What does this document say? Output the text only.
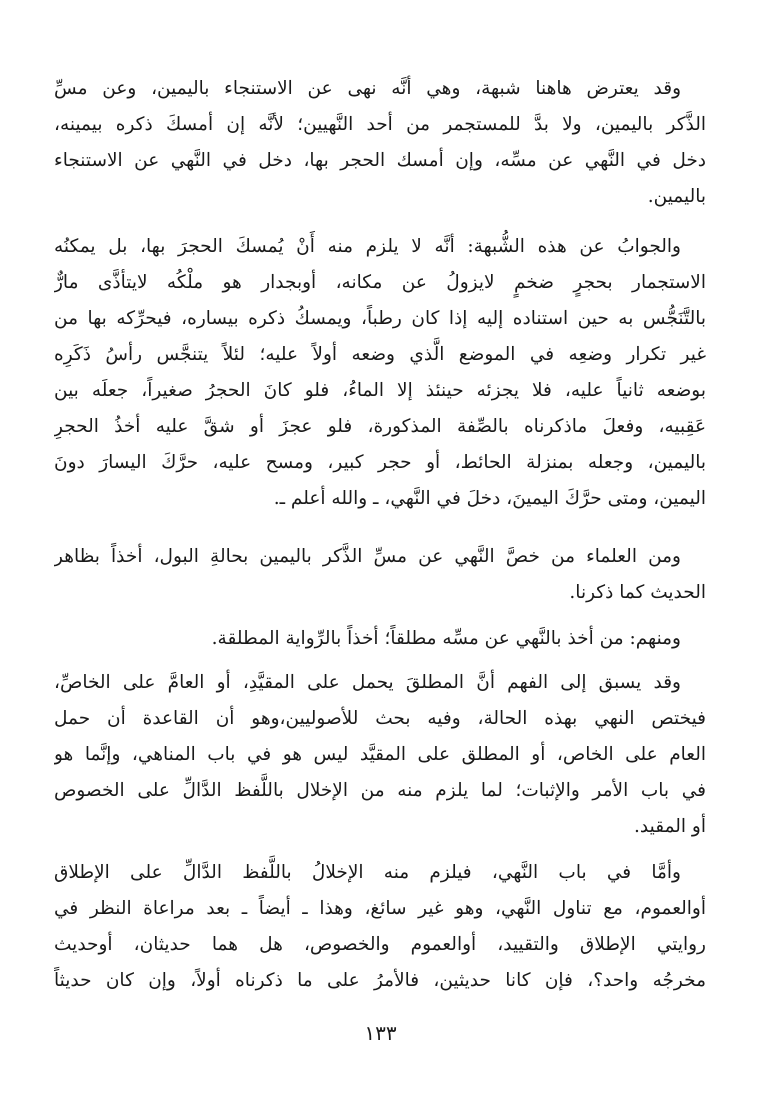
وقد يعترض هاهنا شبهة، وهي أنَّه نهى عن الاستنجاء باليمين، وعن مسِّ
الذَّكر باليمين، ولا بدَّ للمستجمر من أحد النَّهيين؛ لأنَّه إن أمسكَ ذكره بيمينه،
دخل في النَّهي عن مسِّه، وإن أمسك الحجر بها، دخل في النَّهي عن الاستنجاء
باليمين.
والجوابُ عن هذه الشُّبهة: أنَّه لا يلزم منه أَنْ يُمسكَ الحجرَ بها، بل يمكنُه
الاستجمار بحجرٍ ضخمٍ لايزولُ عن مكانه، أوبجدار هو ملْكُه لايتأذَّى مارٌّ
بالتَّنَجُّس به حين استناده إليه إذا كان رطباً، ويمسكُ ذكره بيساره، فيحرِّكه بها من
غير تكرار وضعِه في الموضع الَّذي وضعه أولاً عليه؛ لئلاً يتنجَّس رأسُ ذَكَرِه
بوضعه ثانياً عليه، فلا يجزئه حينئذ إلا الماءُ، فلو كانَ الحجرُ صغيراً، جعلَه بين
عَقِبيه، وفعلَ ماذكرناه بالصِّفة المذكورة، فلو عجزَ أو شقَّ عليه أخذُ الحجرِ
باليمين، وجعله بمنزلة الحائط، أو حجر كبير، ومسح عليه، حرَّكَ اليسارَ دونَ
اليمين، ومتى حرَّكَ اليمينَ، دخلَ في النَّهي، ـ والله أعلم ـ.
ومن العلماء من خصَّ النَّهي عن مسِّ الذَّكر باليمين بحالةِ البول، أخذاً بظاهر
الحديث كما ذكرنا.
ومنهم: من أخذ بالنَّهي عن مسِّه مطلقاً؛ أخذاً بالرِّواية المطلقة.
وقد يسبق إلى الفهم أنَّ المطلقَ يحمل على المقيَّدِ، أو العامَّ على الخاصِّ،
فيختص النهي بهذه الحالة، وفيه بحث للأصوليين،وهو أن القاعدة أن حمل
العام على الخاص، أو المطلق على المقيَّد ليس هو في باب المناهي، وإنَّما هو
في باب الأمر والإثبات؛ لما يلزم منه من الإخلال باللَّفظ الدَّالِّ على الخصوص
أو المقيد.
وأمَّا في باب النَّهي، فيلزم منه الإخلالُ باللَّفظ الدَّالِّ على الإطلاق
أوالعموم، مع تناول النَّهي، وهو غير سائغ، وهذا ـ أيضاً ـ بعد مراعاة النظر في
روايتي الإطلاق والتقييد، أوالعموم والخصوص، هل هما حديثان، أوحديث
مخرجُه واحد؟، فإن كانا حديثين، فالأمرُ على ما ذكرناه أولاً، وإن كان حديثاً
١٣٣
